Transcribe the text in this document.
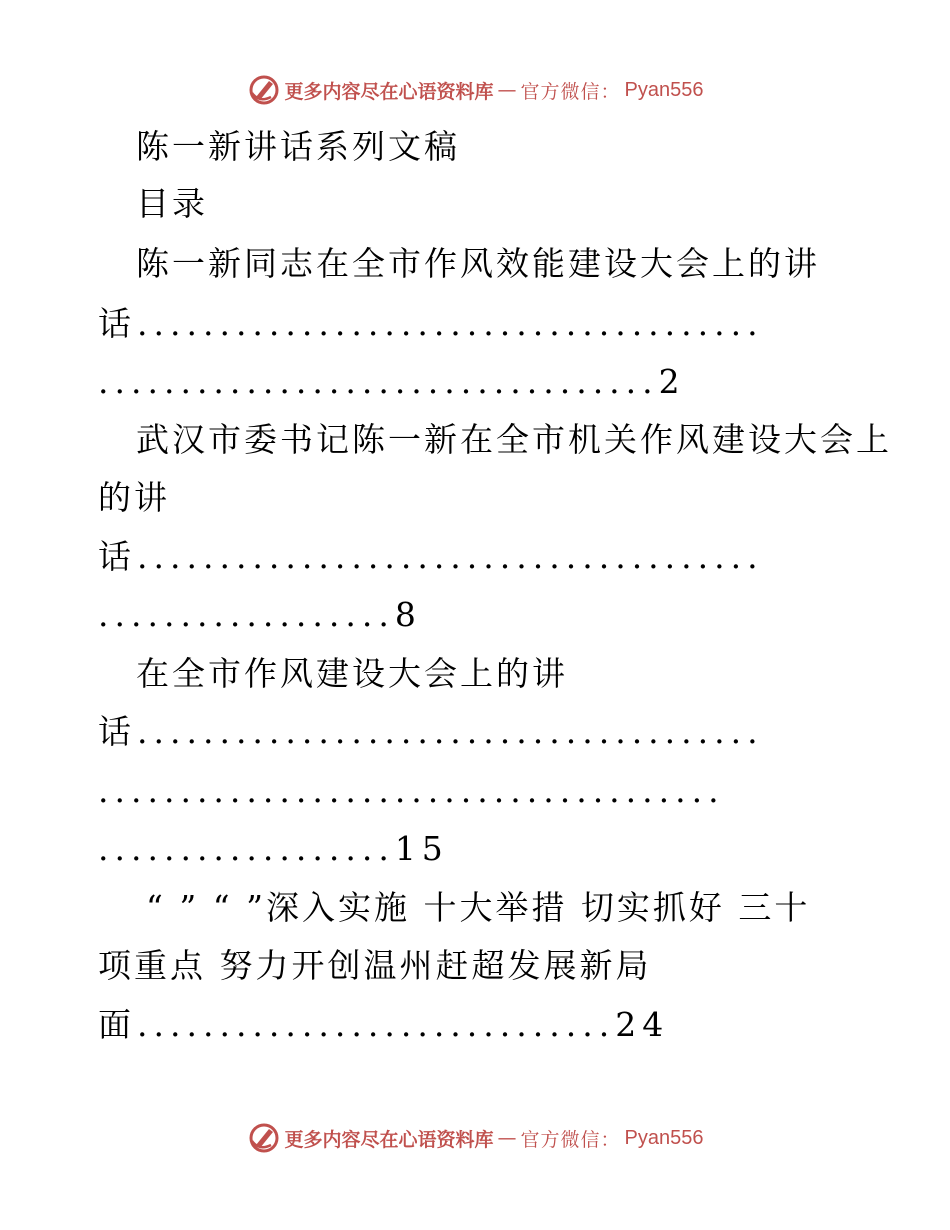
更多内容尽在心语资料库 — 官方微信： Pyan556
陈一新讲话系列文稿
目录
陈一新同志在全市作风效能建设大会上的讲
话......................................
..................................2
武汉市委书记陈一新在全市机关作风建设大会上
的讲
话......................................
..................8
在全市作风建设大会上的讲
话......................................
......................................
..................15
“ ” “ ”深入实施 十大举措 切实抓好 三十
项重点 努力开创温州赶超发展新局
面.............................24
更多内容尽在心语资料库 — 官方微信： Pyan556
